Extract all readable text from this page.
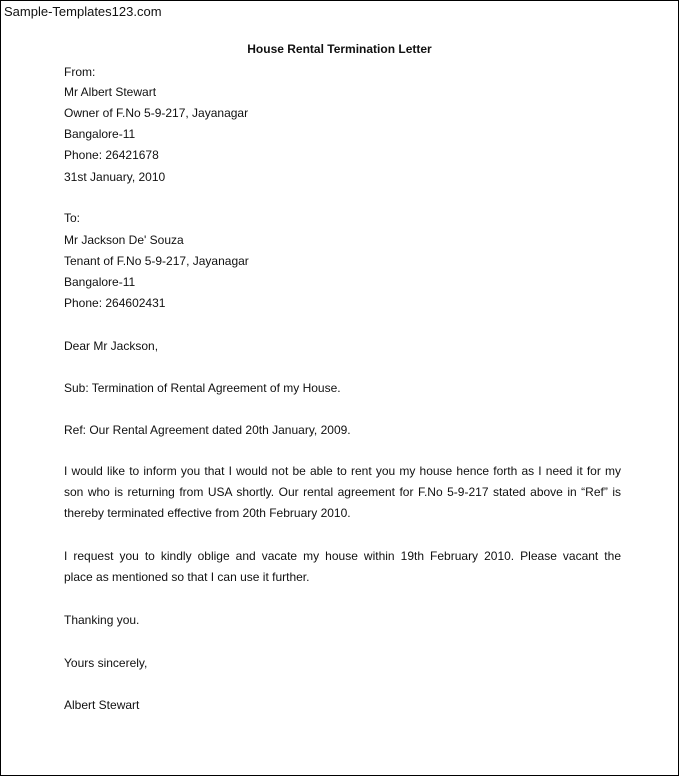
Sample-Templates123.com
House Rental Termination Letter
From:
Mr Albert Stewart
Owner of F.No 5-9-217, Jayanagar
Bangalore-11
Phone: 26421678
31st January, 2010
To:
Mr Jackson De' Souza
Tenant of F.No 5-9-217, Jayanagar
Bangalore-11
Phone: 264602431
Dear Mr Jackson,
Sub: Termination of Rental Agreement of my House.
Ref: Our Rental Agreement dated 20th January, 2009.
I would like to inform you that I would not be able to rent you my house hence forth as I need it for my
son who is returning from USA shortly. Our rental agreement for F.No 5-9-217 stated above in “Ref” is
thereby terminated effective from 20th February 2010.
I request you to kindly oblige and vacate my house within 19th February 2010. Please vacant the
place as mentioned so that I can use it further.
Thanking you.
Yours sincerely,
Albert Stewart
